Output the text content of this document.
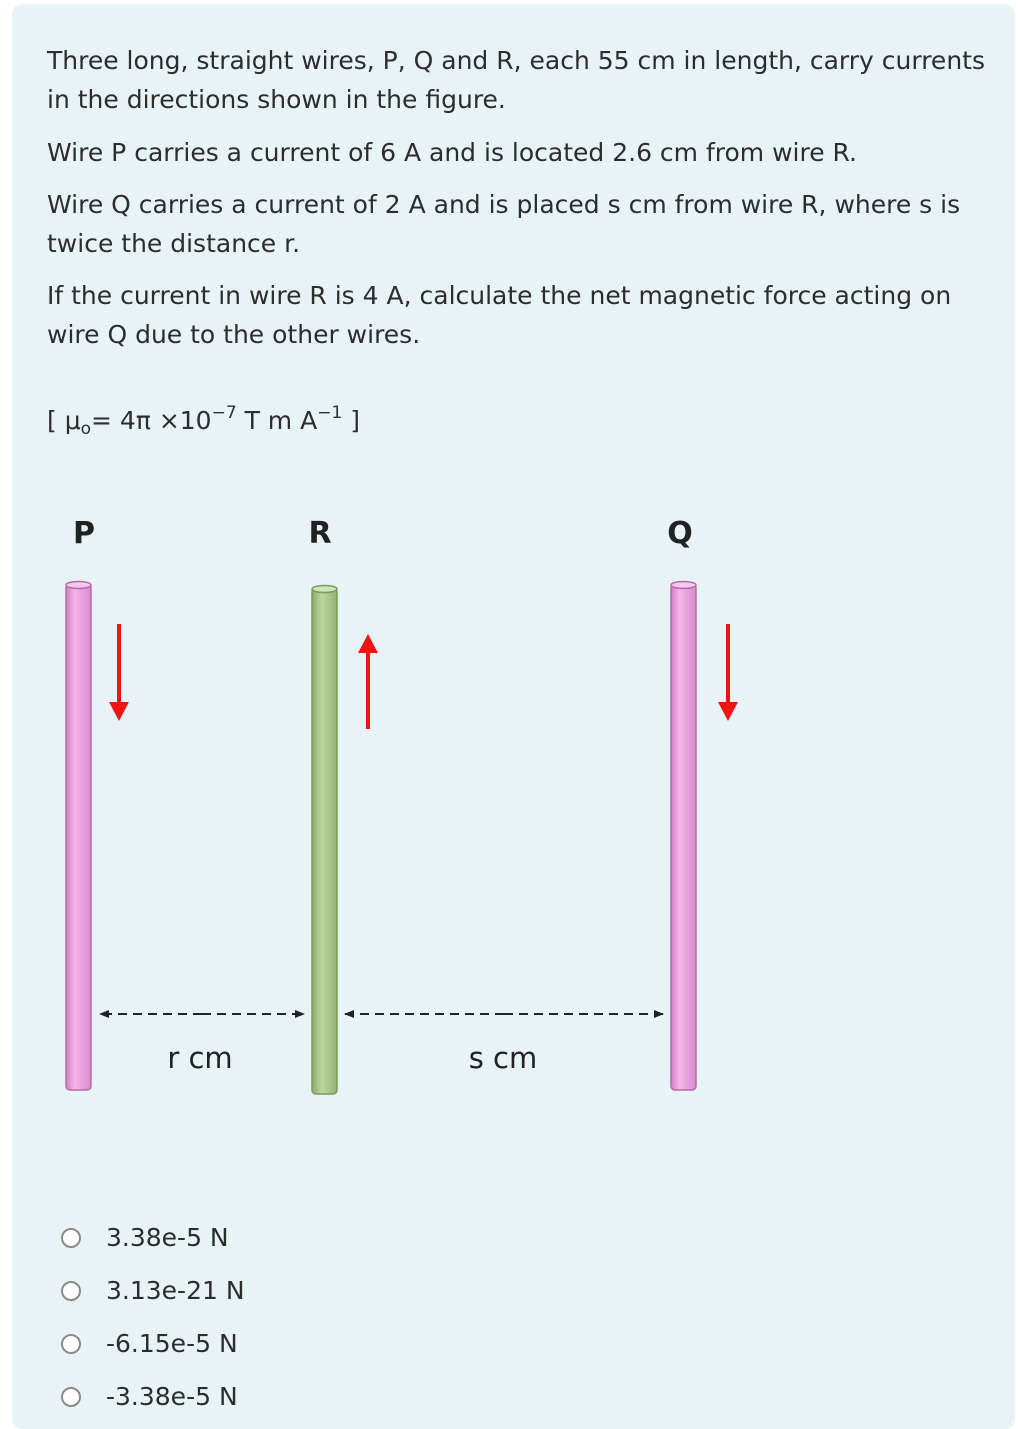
Three long, straight wires, P, Q and R, each 55 cm in length, carry currents in the directions shown in the figure.

Wire P carries a current of 6 A and is located 2.6 cm from wire R.

Wire Q carries a current of 2 A and is placed s cm from wire R, where s is twice the distance r.

If the current in wire R is 4 A, calculate the net magnetic force acting on wire Q due to the other wires.

[ $\mu_o= 4\pi \times 10^{-7}$ T m $A^{-1}$ ]
P	R	Q
r cm	s cm
3.38e-5 N
3.13e-21 N
-6.15e-5 N
-3.38e-5 N
